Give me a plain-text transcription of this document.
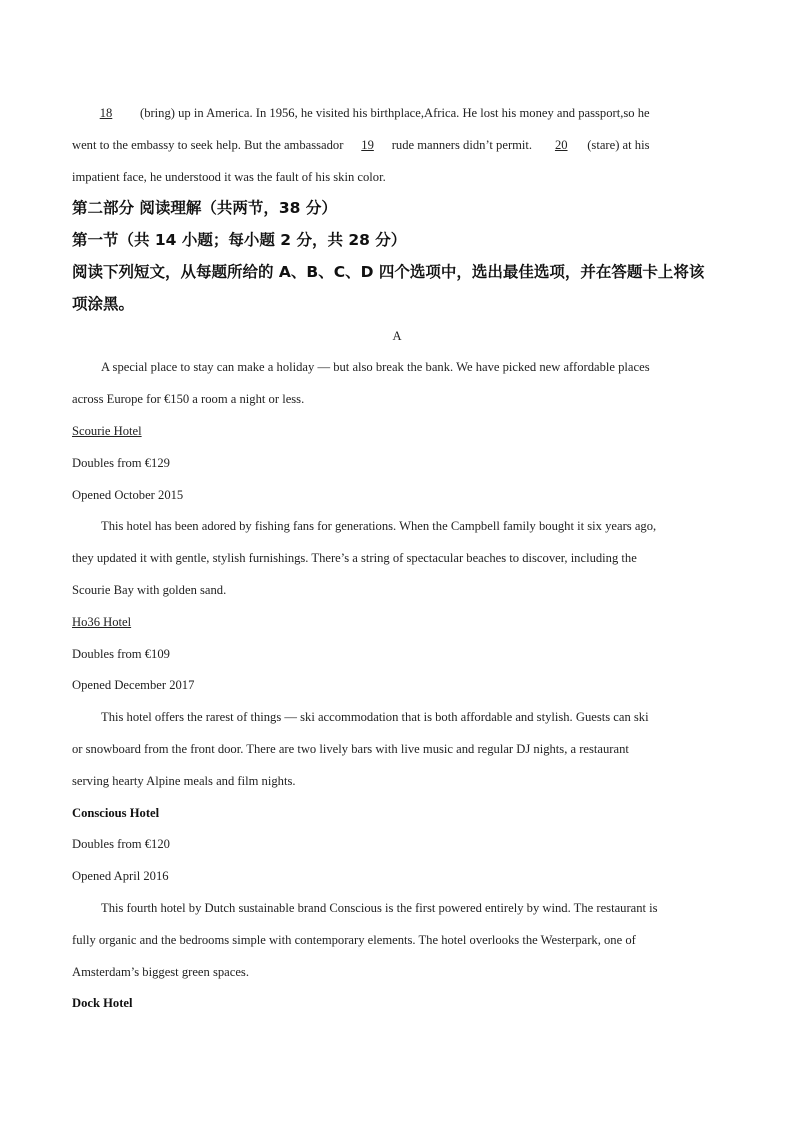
18 (bring) up in America. In 1956, he visited his birthplace,Africa. He lost his money and passport,so he
went to the embassy to seek help. But the ambassador 19 rude manners didn’t permit. 20 (stare) at his
impatient face, he understood it was the fault of his skin color.
第二部分 阅读理解（共两节，38 分）
第一节（共 14 小题；每小题 2 分，共 28 分）
阅读下列短文，从每题所给的 A、B、C、D 四个选项中，选出最佳选项，并在答题卡上将该
项涂黑。
A
A special place to stay can make a holiday — but also break the bank. We have picked new affordable places
across Europe for €150 a room a night or less.
Scourie Hotel
Doubles from €129
Opened October 2015
This hotel has been adored by fishing fans for generations. When the Campbell family bought it six years ago,
they updated it with gentle, stylish furnishings. There’s a string of spectacular beaches to discover, including the
Scourie Bay with golden sand.
Ho36 Hotel
Doubles from €109
Opened December 2017
This hotel offers the rarest of things — ski accommodation that is both affordable and stylish. Guests can ski
or snowboard from the front door. There are two lively bars with live music and regular DJ nights, a restaurant
serving hearty Alpine meals and film nights.
Conscious Hotel
Doubles from €120
Opened April 2016
This fourth hotel by Dutch sustainable brand Conscious is the first powered entirely by wind. The restaurant is
fully organic and the bedrooms simple with contemporary elements. The hotel overlooks the Westerpark, one of
Amsterdam’s biggest green spaces.
Dock Hotel
